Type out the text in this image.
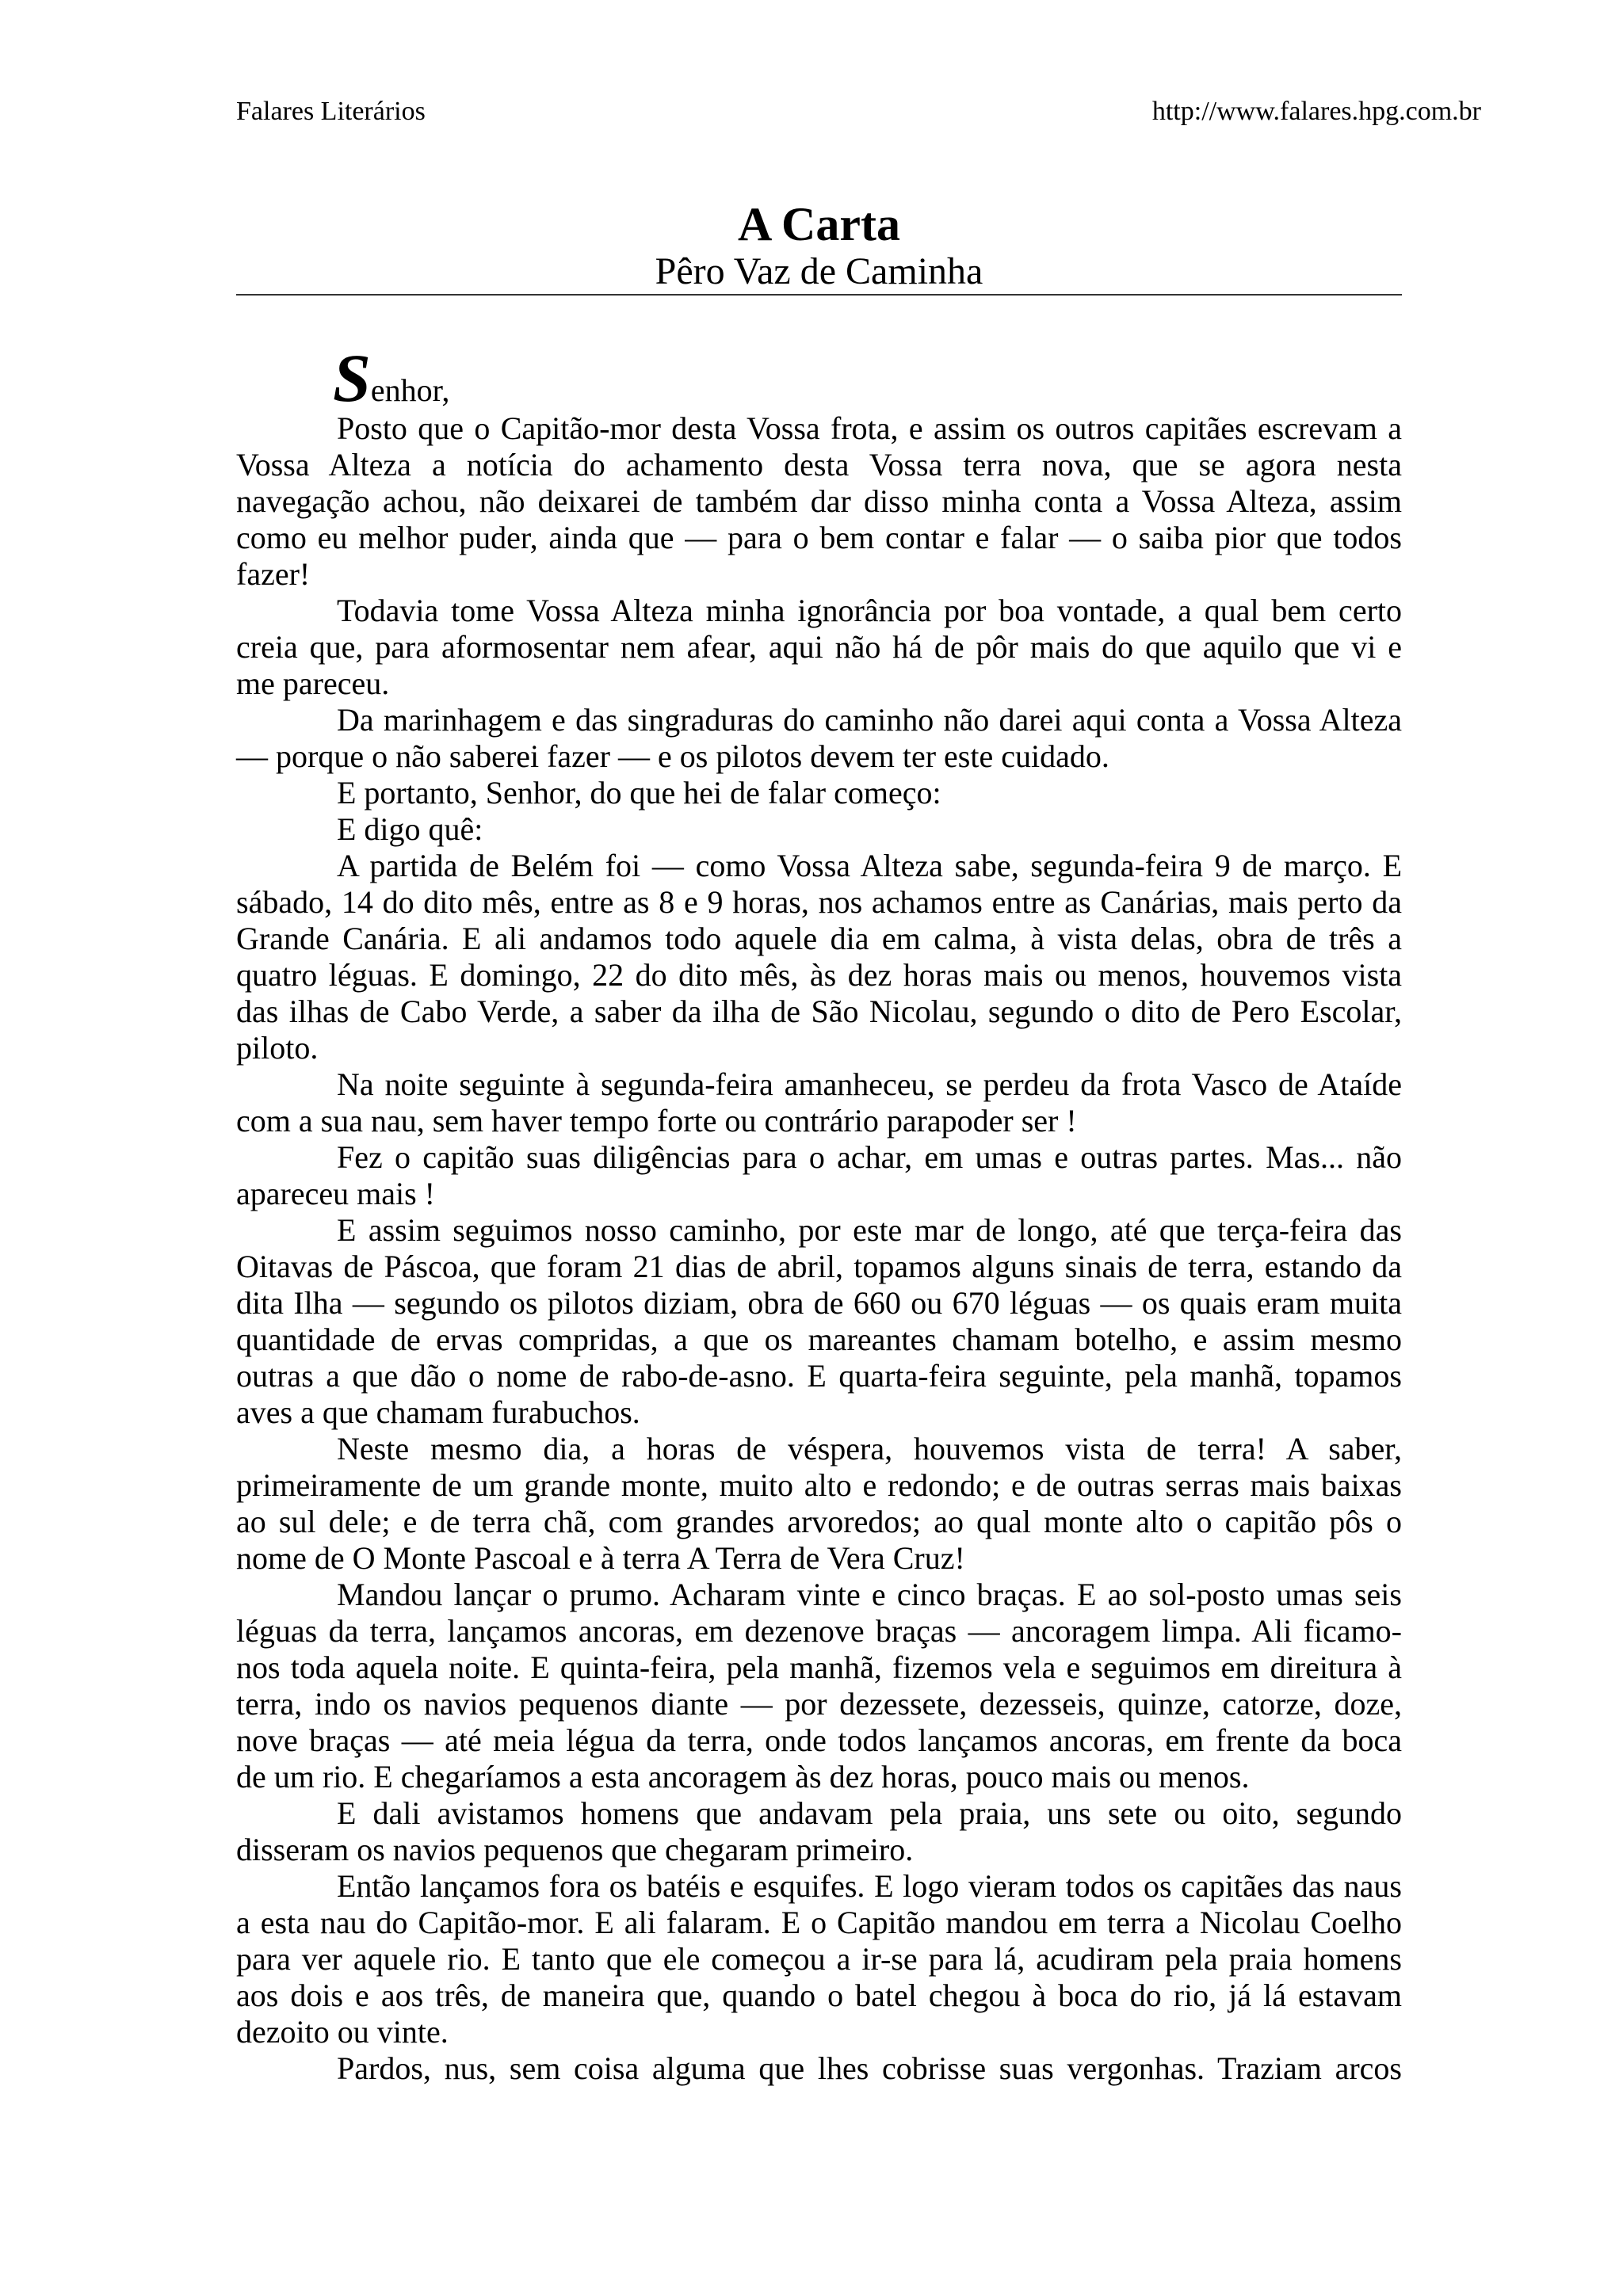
Falares Literários	http://www.falares.hpg.com.br
A Carta
Pêro Vaz de Caminha
Senhor,
Posto que o Capitão-mor desta Vossa frota, e assim os outros capitães escrevam a
Vossa Alteza a notícia do achamento desta Vossa terra nova, que se agora nesta
navegação achou, não deixarei de também dar disso minha conta a Vossa Alteza, assim
como eu melhor puder, ainda que — para o bem contar e falar — o saiba pior que todos
fazer!
Todavia tome Vossa Alteza minha ignorância por boa vontade, a qual bem certo
creia que, para aformosentar nem afear, aqui não há de pôr mais do que aquilo que vi e
me pareceu.
Da marinhagem e das singraduras do caminho não darei aqui conta a Vossa Alteza
— porque o não saberei fazer — e os pilotos devem ter este cuidado.
E portanto, Senhor, do que hei de falar começo:
E digo quê:
A partida de Belém foi — como Vossa Alteza sabe, segunda-feira 9 de março. E
sábado, 14 do dito mês, entre as 8 e 9 horas, nos achamos entre as Canárias, mais perto da
Grande Canária. E ali andamos todo aquele dia em calma, à vista delas, obra de três a
quatro léguas. E domingo, 22 do dito mês, às dez horas mais ou menos, houvemos vista
das ilhas de Cabo Verde, a saber da ilha de São Nicolau, segundo o dito de Pero Escolar,
piloto.
Na noite seguinte à segunda-feira amanheceu, se perdeu da frota Vasco de Ataíde
com a sua nau, sem haver tempo forte ou contrário parapoder ser !
Fez o capitão suas diligências para o achar, em umas e outras partes. Mas... não
apareceu mais !
E assim seguimos nosso caminho, por este mar de longo, até que terça-feira das
Oitavas de Páscoa, que foram 21 dias de abril, topamos alguns sinais de terra, estando da
dita Ilha — segundo os pilotos diziam, obra de 660 ou 670 léguas — os quais eram muita
quantidade de ervas compridas, a que os mareantes chamam botelho, e assim mesmo
outras a que dão o nome de rabo-de-asno. E quarta-feira seguinte, pela manhã, topamos
aves a que chamam furabuchos.
Neste mesmo dia, a horas de véspera, houvemos vista de terra! A saber,
primeiramente de um grande monte, muito alto e redondo; e de outras serras mais baixas
ao sul dele; e de terra chã, com grandes arvoredos; ao qual monte alto o capitão pôs o
nome de O Monte Pascoal e à terra A Terra de Vera Cruz!
Mandou lançar o prumo. Acharam vinte e cinco braças. E ao sol-posto umas seis
léguas da terra, lançamos ancoras, em dezenove braças — ancoragem limpa. Ali ficamo-
nos toda aquela noite. E quinta-feira, pela manhã, fizemos vela e seguimos em direitura à
terra, indo os navios pequenos diante — por dezessete, dezesseis, quinze, catorze, doze,
nove braças — até meia légua da terra, onde todos lançamos ancoras, em frente da boca
de um rio. E chegaríamos a esta ancoragem às dez horas, pouco mais ou menos.
E dali avistamos homens que andavam pela praia, uns sete ou oito, segundo
disseram os navios pequenos que chegaram primeiro.
Então lançamos fora os batéis e esquifes. E logo vieram todos os capitães das naus
a esta nau do Capitão-mor. E ali falaram. E o Capitão mandou em terra a Nicolau Coelho
para ver aquele rio. E tanto que ele começou a ir-se para lá, acudiram pela praia homens
aos dois e aos três, de maneira que, quando o batel chegou à boca do rio, já lá estavam
dezoito ou vinte.
Pardos, nus, sem coisa alguma que lhes cobrisse suas vergonhas. Traziam arcos
